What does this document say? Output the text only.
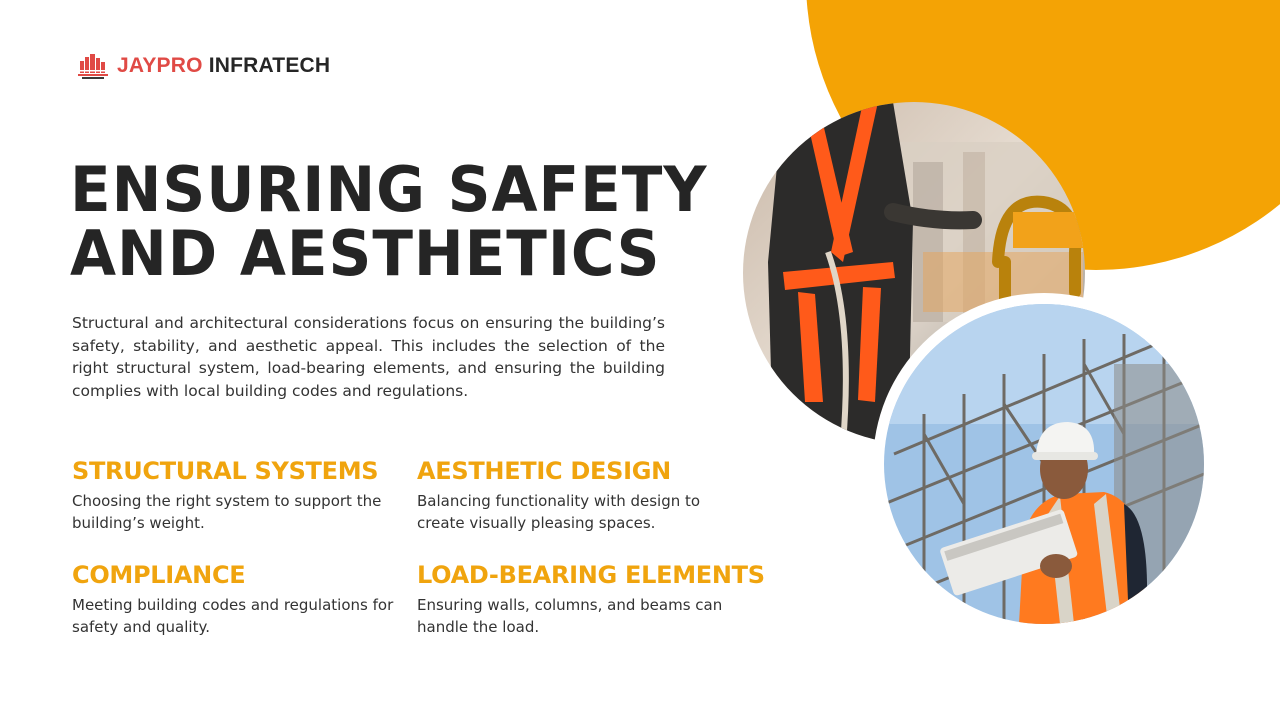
JAYPRO INFRATECH
ENSURING SAFETY
AND AESTHETICS

Structural and architectural considerations focus on ensuring the building’s safety, stability, and aesthetic appeal. This includes the selection of the right structural system, load-bearing elements, and ensuring the building complies with local building codes and regulations.

STRUCTURAL SYSTEMS

Choosing the right system to support the building’s weight.

AESTHETIC DESIGN

Balancing functionality with design to create visually pleasing spaces.

COMPLIANCE

Meeting building codes and regulations for safety and quality.

LOAD-BEARING ELEMENTS

Ensuring walls, columns, and beams can handle the load.
